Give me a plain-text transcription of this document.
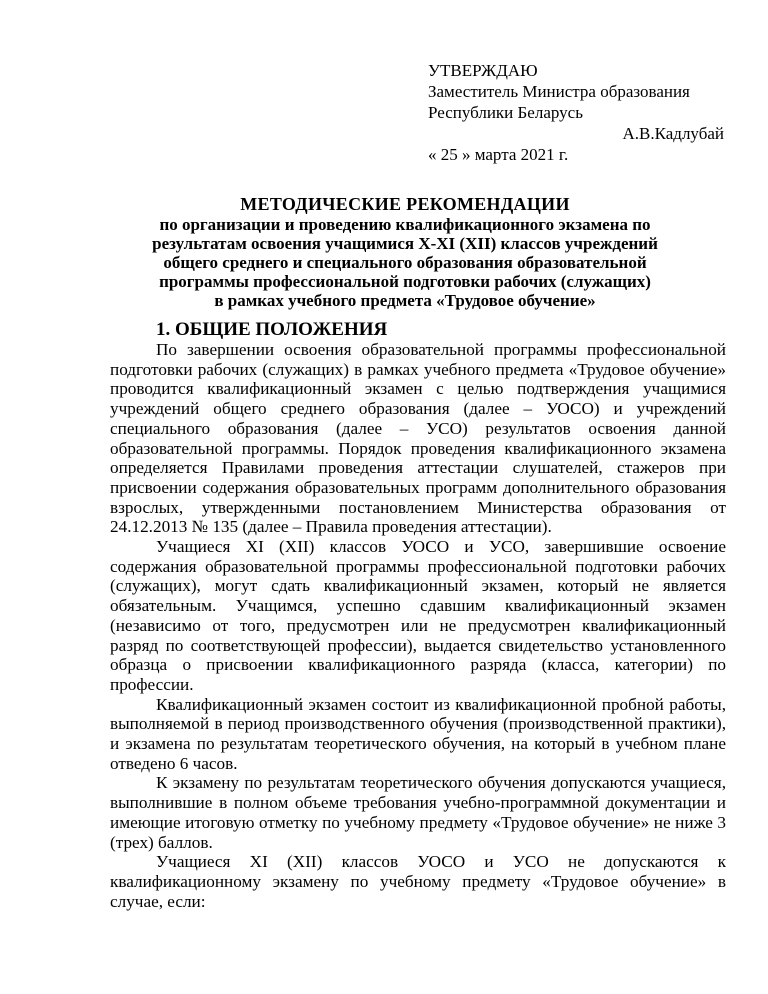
УТВЕРЖДАЮ
Заместитель Министра образования
Республики Беларусь
А.В.Кадлубай
« 25 » марта 2021 г.
МЕТОДИЧЕСКИЕ РЕКОМЕНДАЦИИ
по организации и проведению квалификационного экзамена по
результатам освоения учащимися X-XI (XII) классов учреждений
общего среднего и специального образования образовательной
программы профессиональной подготовки рабочих (служащих)
в рамках учебного предмета «Трудовое обучение»
1. ОБЩИЕ ПОЛОЖЕНИЯ

По завершении освоения образовательной программы профессиональной подготовки рабочих (служащих) в рамках учебного предмета «Трудовое обучение» проводится квалификационный экзамен с целью подтверждения учащимися учреждений общего среднего образования (далее – УОСО) и учреждений специального образования (далее – УСО) результатов освоения данной образовательной программы. Порядок проведения квалификационного экзамена определяется Правилами проведения аттестации слушателей, стажеров при присвоении содержания образовательных программ дополнительного образования взрослых, утвержденными постановлением Министерства образования от 24.12.2013 № 135 (далее – Правила проведения аттестации).

Учащиеся XI (XII) классов УОСО и УСО, завершившие освоение содержания образовательной программы профессиональной подготовки рабочих (служащих), могут сдать квалификационный экзамен, который не является обязательным. Учащимся, успешно сдавшим квалификационный экзамен (независимо от того, предусмотрен или не предусмотрен квалификационный разряд по соответствующей профессии), выдается свидетельство установленного образца о присвоении квалификационного разряда (класса, категории) по профессии.

Квалификационный экзамен состоит из квалификационной пробной работы, выполняемой в период производственного обучения (производственной практики), и экзамена по результатам теоретического обучения, на который в учебном плане отведено 6 часов.

К экзамену по результатам теоретического обучения допускаются учащиеся, выполнившие в полном объеме требования учебно-программной документации и имеющие итоговую отметку по учебному предмету «Трудовое обучение» не ниже 3 (трех) баллов.

Учащиеся XI (XII) классов УОСО и УСО не допускаются к квалификационному экзамену по учебному предмету «Трудовое обучение» в случае, если:
